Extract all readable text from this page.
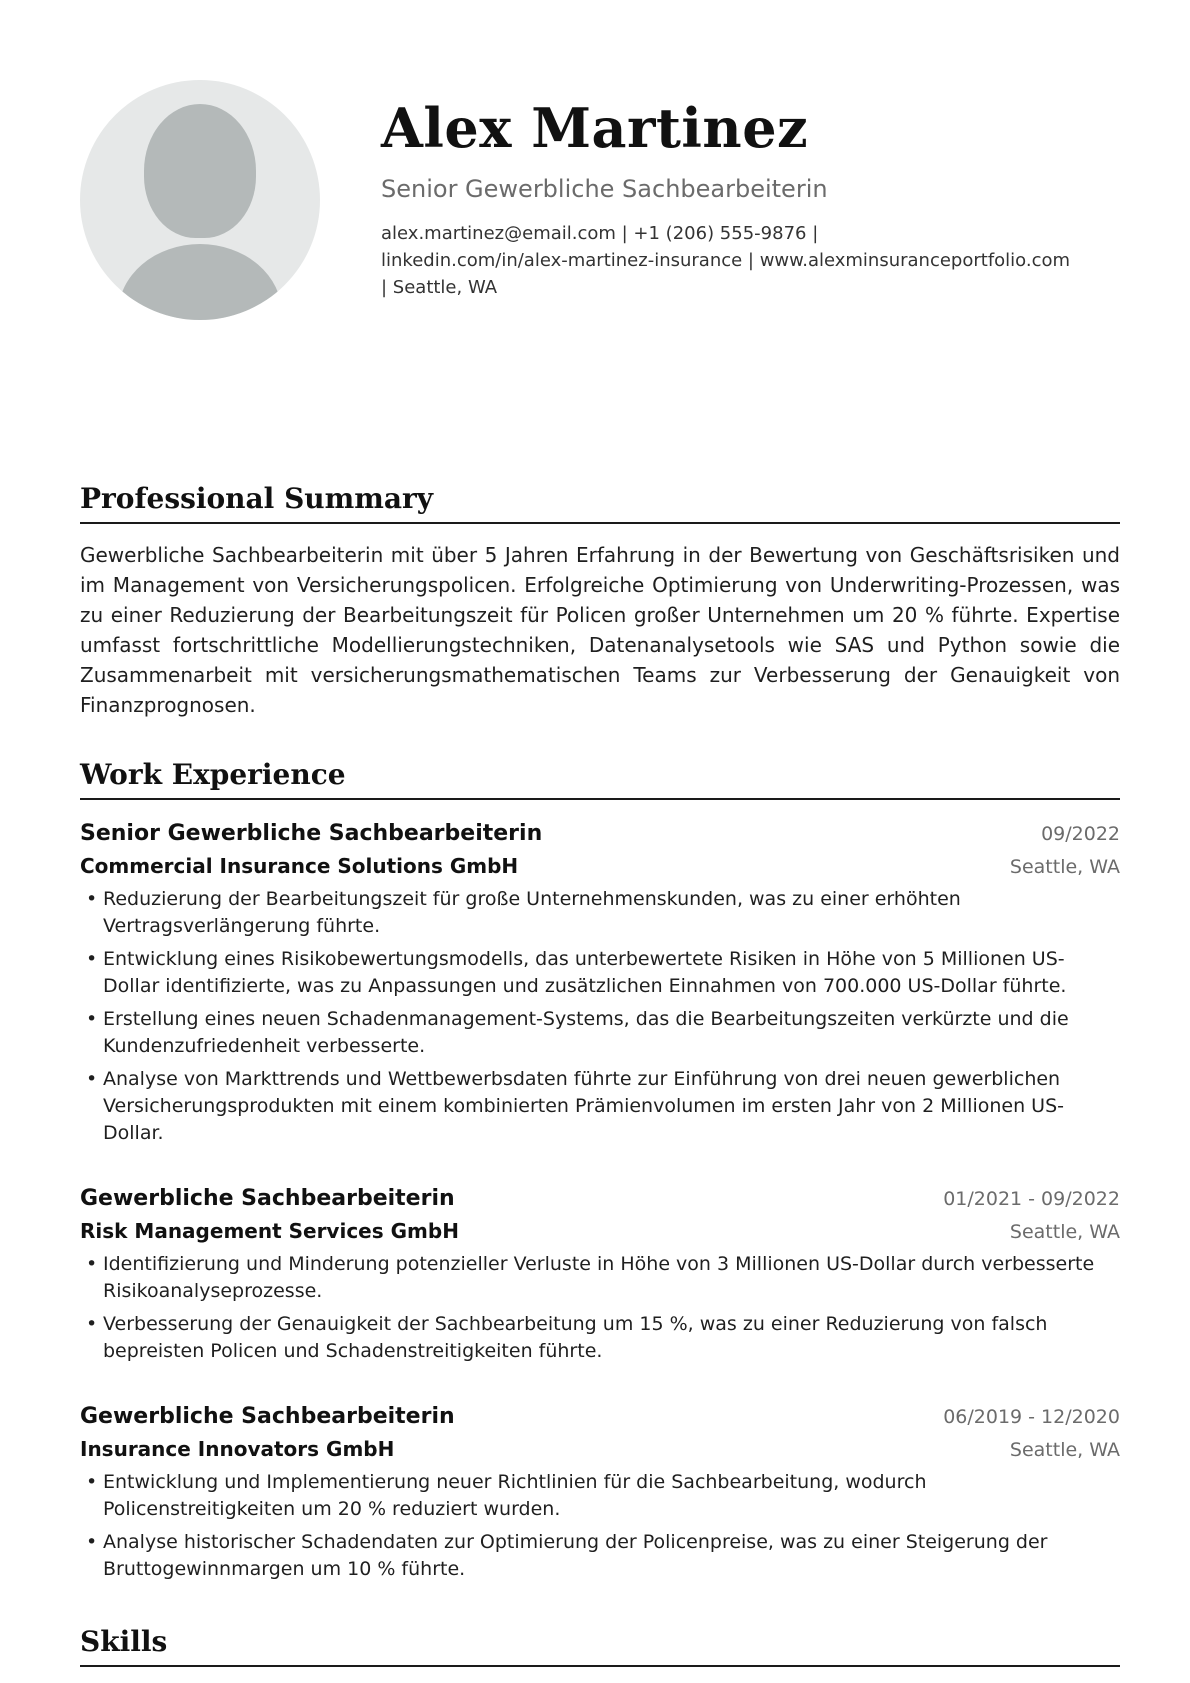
Alex Martinez
Senior Gewerbliche Sachbearbeiterin
alex.martinez@email.com | +1 (206) 555-9876 |
linkedin.com/in/alex-martinez-insurance | www.alexminsuranceportfolio.com
| Seattle, WA
Professional Summary
Gewerbliche Sachbearbeiterin mit über 5 Jahren Erfahrung in der Bewertung von Geschäftsrisiken und im Management von Versicherungspolicen. Erfolgreiche Optimierung von Underwriting-Prozessen, was zu einer Reduzierung der Bearbeitungszeit für Policen großer Unternehmen um 20 % führte. Expertise umfasst fortschrittliche Modellierungstechniken, Datenanalysetools wie SAS und Python sowie die Zusammenarbeit mit versicherungsmathematischen Teams zur Verbesserung der Genauigkeit von Finanzprognosen.
Work Experience
Senior Gewerbliche Sachbearbeiterin	09/2022
Commercial Insurance Solutions GmbH	Seattle, WA
• Reduzierung der Bearbeitungszeit für große Unternehmenskunden, was zu einer erhöhten Vertragsverlängerung führte.
• Entwicklung eines Risikobewertungsmodells, das unterbewertete Risiken in Höhe von 5 Millionen US-Dollar identifizierte, was zu Anpassungen und zusätzlichen Einnahmen von 700.000 US-Dollar führte.
• Erstellung eines neuen Schadenmanagement-Systems, das die Bearbeitungszeiten verkürzte und die Kundenzufriedenheit verbesserte.
• Analyse von Markttrends und Wettbewerbsdaten führte zur Einführung von drei neuen gewerblichen Versicherungsprodukten mit einem kombinierten Prämienvolumen im ersten Jahr von 2 Millionen US-Dollar.
Gewerbliche Sachbearbeiterin	01/2021 - 09/2022
Risk Management Services GmbH	Seattle, WA
• Identifizierung und Minderung potenzieller Verluste in Höhe von 3 Millionen US-Dollar durch verbesserte Risikoanalyseprozesse.
• Verbesserung der Genauigkeit der Sachbearbeitung um 15 %, was zu einer Reduzierung von falsch bepreisten Policen und Schadenstreitigkeiten führte.
Gewerbliche Sachbearbeiterin	06/2019 - 12/2020
Insurance Innovators GmbH	Seattle, WA
• Entwicklung und Implementierung neuer Richtlinien für die Sachbearbeitung, wodurch Policenstreitigkeiten um 20 % reduziert wurden.
• Analyse historischer Schadendaten zur Optimierung der Policenpreise, was zu einer Steigerung der Bruttogewinnmargen um 10 % führte.
Skills
